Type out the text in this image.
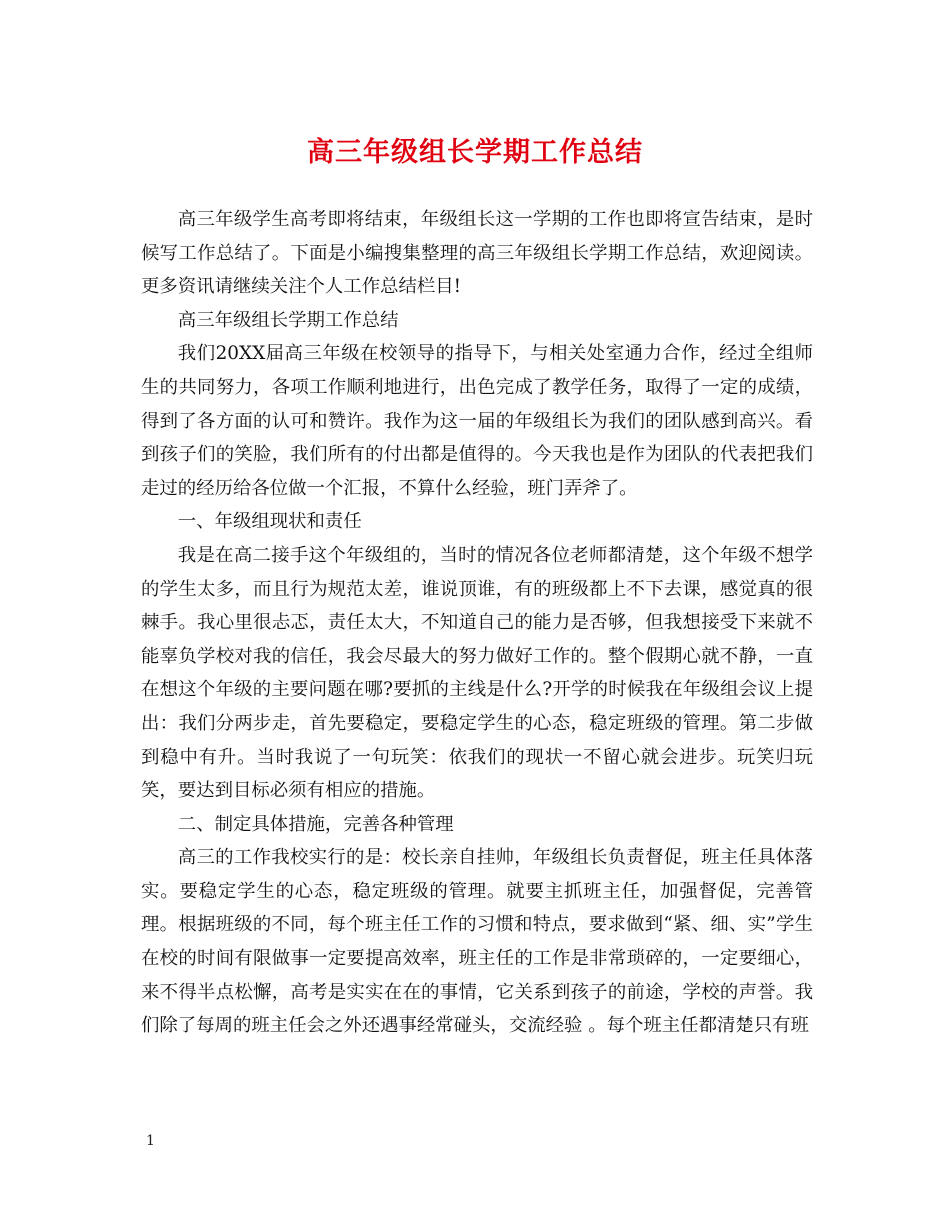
高三年级组长学期工作总结

高三年级学生高考即将结束，年级组长这一学期的工作也即将宣告结束，是时候写工作总结了。下面是小编搜集整理的高三年级组长学期工作总结，欢迎阅读。更多资讯请继续关注个人工作总结栏目!

高三年级组长学期工作总结

我们20XX届高三年级在校领导的指导下，与相关处室通力合作，经过全组师生的共同努力，各项工作顺利地进行，出色完成了教学任务，取得了一定的成绩，得到了各方面的认可和赞许。我作为这一届的年级组长为我们的团队感到高兴。看到孩子们的笑脸，我们所有的付出都是值得的。今天我也是作为团队的代表把我们走过的经历给各位做一个汇报，不算什么经验，班门弄斧了。

一、年级组现状和责任

我是在高二接手这个年级组的，当时的情况各位老师都清楚，这个年级不想学的学生太多，而且行为规范太差，谁说顶谁，有的班级都上不下去课，感觉真的很棘手。我心里很忐忑，责任太大，不知道自己的能力是否够，但我想接受下来就不能辜负学校对我的信任，我会尽最大的努力做好工作的。整个假期心就不静，一直在想这个年级的主要问题在哪?要抓的主线是什么?开学的时候我在年级组会议上提出：我们分两步走，首先要稳定，要稳定学生的心态，稳定班级的管理。第二步做到稳中有升。当时我说了一句玩笑：依我们的现状一不留心就会进步。玩笑归玩笑，要达到目标必须有相应的措施。

二、制定具体措施，完善各种管理

高三的工作我校实行的是：校长亲自挂帅，年级组长负责督促，班主任具体落实。要稳定学生的心态，稳定班级的管理。就要主抓班主任，加强督促，完善管理。根据班级的不同，每个班主任工作的习惯和特点，要求做到“紧、细、实”学生在校的时间有限做事一定要提高效率，班主任的工作是非常琐碎的，一定要细心，来不得半点松懈，高考是实实在在的事情，它关系到孩子的前途，学校的声誉。我们除了每周的班主任会之外还遇事经常碰头，交流经验 。每个班主任都清楚只有班

1
